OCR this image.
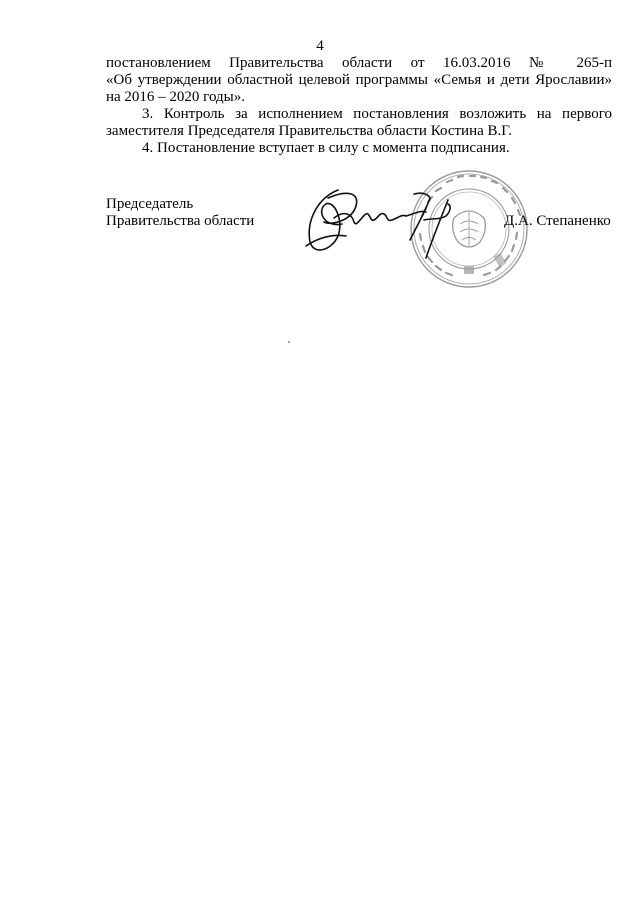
4
постановлением Правительства области от 16.03.2016 № 265-п
«Об утверждении областной целевой программы «Семья и дети Ярославии»
на 2016 – 2020 годы».
3. Контроль за исполнением постановления возложить на первого
заместителя Председателя Правительства области Костина В.Г.
4. Постановление вступает в силу с момента подписания.
Председатель
Правительства области	Д.А. Степаненко
